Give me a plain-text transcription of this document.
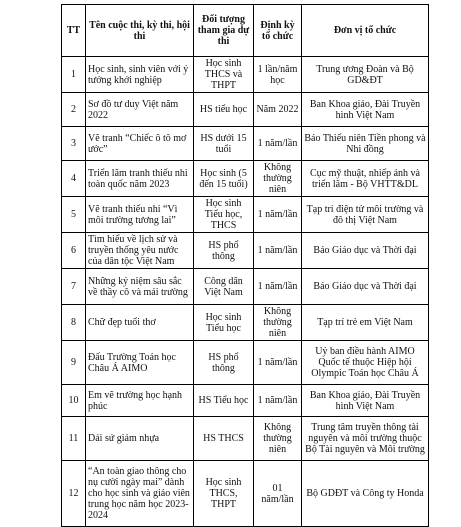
TT	Tên cuộc thi, kỳ thi, hội thi	Đối tượng tham gia dự thi	Định kỳ tổ chức	Đơn vị tổ chức
1	Học sinh, sinh viên với ý tưởng khởi nghiệp	Học sinh THCS và THPT	1 lần/năm học	Trung ương Đoàn và Bộ GD&ĐT
2	Sơ đồ tư duy Việt năm 2022	HS tiểu học	Năm 2022	Ban Khoa giáo, Đài Truyền hình Việt Nam
3	Vẽ tranh “Chiếc ô tô mơ ước”	HS dưới 15 tuổi	1 năm/lần	Báo Thiếu niên Tiền phong và Nhi đồng
4	Triển lãm tranh thiếu nhi toàn quốc năm 2023	Học sinh (5 đến 15 tuổi)	Không thường niên	Cục mỹ thuật, nhiếp ảnh và triển lãm - Bộ VHTT&DL
5	Vẽ tranh thiếu nhi “Vì môi trường tương lai”	Học sinh Tiểu học, THCS	1 năm/lần	Tạp trí điện tử môi trường và đô thị Việt Nam
6	Tìm hiểu về lịch sử và truyền thống yêu nước của dân tộc Việt Nam	HS phổ thông	1 năm/lần	Báo Giáo dục và Thời đại
7	Những kỷ niệm sâu sắc về thầy cô và mái trường	Công dân Việt Nam	1 năm/lần	Báo Giáo dục và Thời đại
8	Chữ đẹp tuổi thơ	Học sinh Tiểu học	Không thường niên	Tạp trí trẻ em Việt Nam
9	Đấu Trường Toán học Châu Á AIMO	HS phổ thông	1 năm/lần	Uỷ ban điều hành AIMO Quốc tế thuộc Hiệp hội Olympic Toán học Châu Á
10	Em vẽ trường học hạnh phúc	HS Tiểu học	1 năm/lần	Ban Khoa giáo, Đài Truyền hình Việt Nam
11	Dải sứ giảm nhựa	HS THCS	Không thường niên	Trung tâm truyền thông tài nguyên và môi trường thuộc Bộ Tài nguyên và Môi trường
12	“An toàn giao thông cho nụ cười ngày mai” dành cho học sinh và giáo viên trung học năm học 2023-2024	Học sinh THCS, THPT	01 năm/lần	Bộ GDĐT và Công ty Honda
